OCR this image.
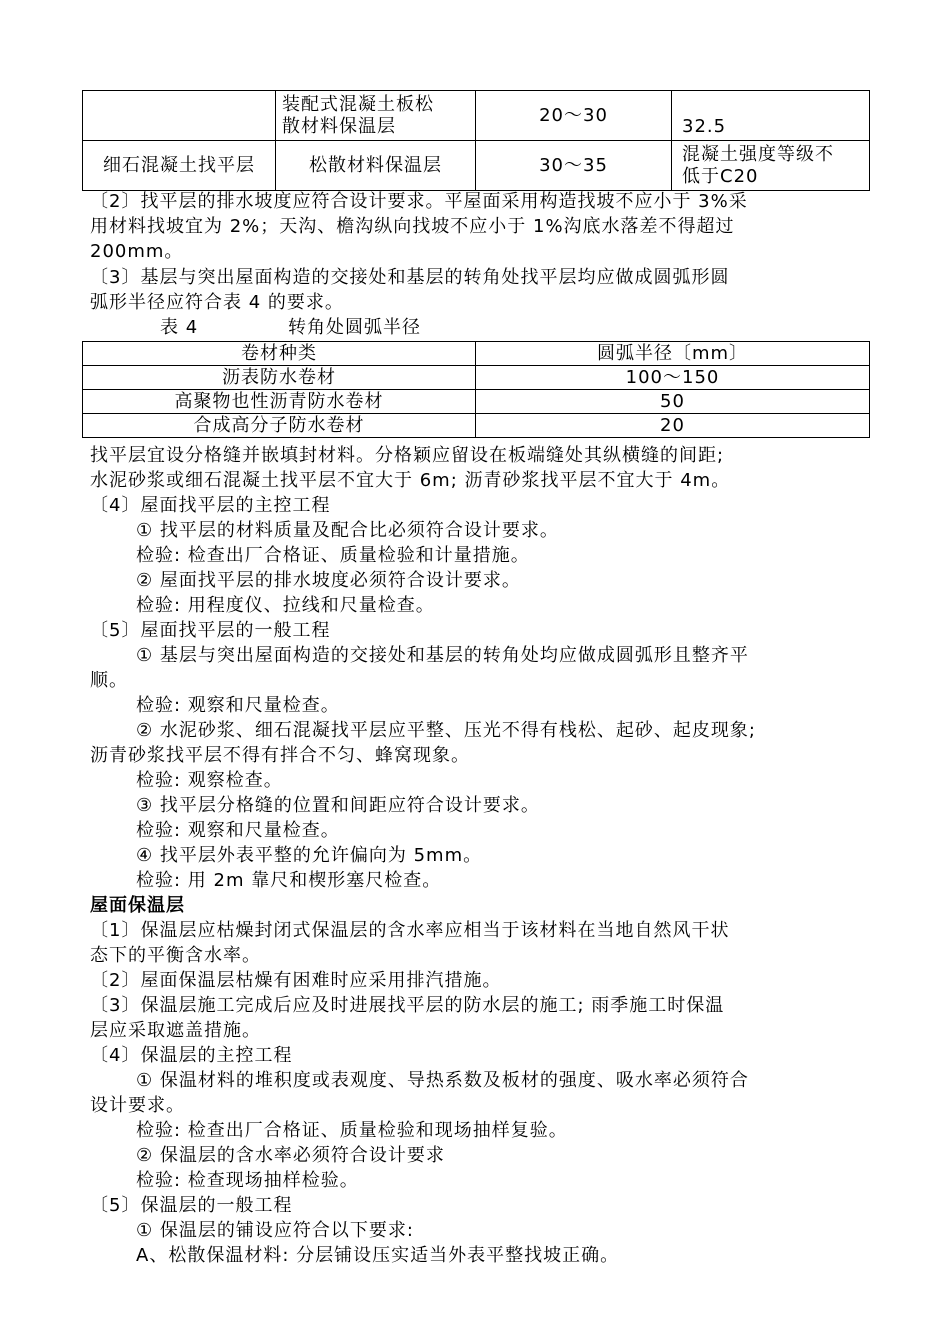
	装配式混凝土板松
散材料保温层	20～30	32.5
细石混凝土找平层	松散材料保温层	30～35	混凝土强度等级不
低于C20
〔2〕找平层的排水坡度应符合设计要求。平屋面采用构造找坡不应小于 3%采
用材料找坡宜为 2%；天沟、檐沟纵向找坡不应小于 1%沟底水落差不得超过
200mm。
〔3〕基层与突出屋面构造的交接处和基层的转角处找平层均应做成圆弧形圆
弧形半径应符合表 4 的要求。
表 4	转角处圆弧半径
卷材种类	圆弧半径〔mm〕
沥表防水卷材	100～150
高聚物也性沥青防水卷材	50
合成高分子防水卷材	20
找平层宜设分格缝并嵌填封材料。分格颖应留设在板端缝处其纵横缝的间距;
水泥砂浆或细石混凝土找平层不宜大于 6m; 沥青砂浆找平层不宜大于 4m。
〔4〕屋面找平层的主控工程
① 找平层的材料质量及配合比必须符合设计要求。
检验: 检查出厂合格证、质量检验和计量措施。
② 屋面找平层的排水坡度必须符合设计要求。
检验: 用程度仪、拉线和尺量检查。
〔5〕屋面找平层的一般工程
① 基层与突出屋面构造的交接处和基层的转角处均应做成圆弧形且整齐平
顺。
检验: 观察和尺量检查。
② 水泥砂浆、细石混凝找平层应平整、压光不得有栈松、起砂、起皮现象;
沥青砂浆找平层不得有拌合不匀、蜂窝现象。
检验: 观察检查。
③ 找平层分格缝的位置和间距应符合设计要求。
检验: 观察和尺量检查。
④ 找平层外表平整的允许偏向为 5mm。
检验: 用 2m 靠尺和楔形塞尺检查。
屋面保温层
〔1〕保温层应枯燥封闭式保温层的含水率应相当于该材料在当地自然风干状
态下的平衡含水率。
〔2〕屋面保温层枯燥有困难时应采用排汽措施。
〔3〕保温层施工完成后应及时进展找平层的防水层的施工; 雨季施工时保温
层应采取遮盖措施。
〔4〕保温层的主控工程
① 保温材料的堆积度或表观度、导热系数及板材的强度、吸水率必须符合
设计要求。
检验: 检查出厂合格证、质量检验和现场抽样复验。
② 保温层的含水率必须符合设计要求
检验: 检查现场抽样检验。
〔5〕保温层的一般工程
① 保温层的铺设应符合以下要求:
A、松散保温材料: 分层铺设压实适当外表平整找坡正确。
